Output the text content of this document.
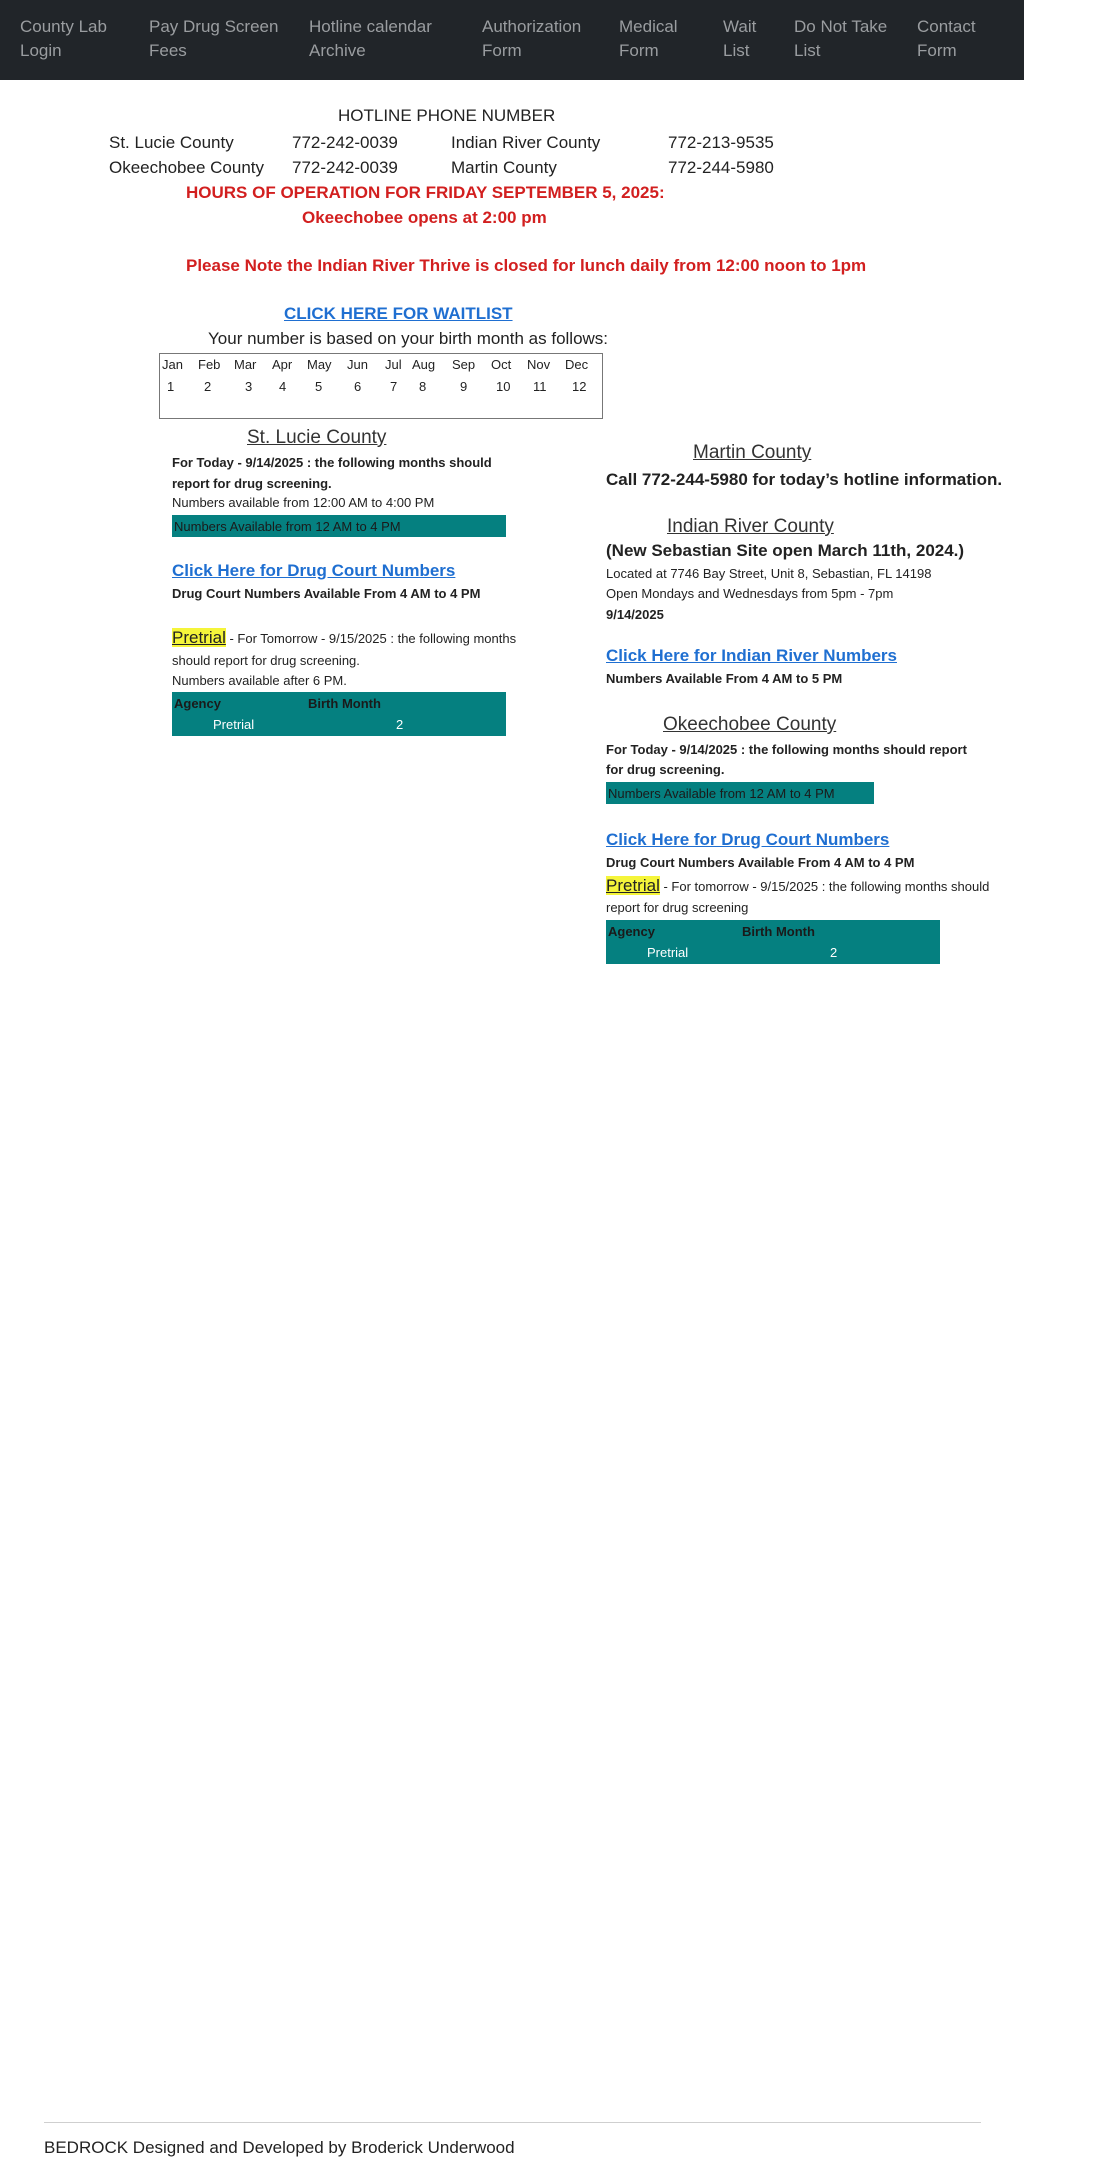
County Lab
Login
Pay Drug Screen
Fees
Hotline calendar
Archive
Authorization
Form
Medical
Form
Wait
List
Do Not Take
List
Contact
Form
HOTLINE PHONE NUMBER
St. Lucie County	772-242-0039	Indian River County	772-213-9535
Okeechobee County 772-242-0039	Martin County	772-244-5980
HOURS OF OPERATION FOR FRIDAY SEPTEMBER 5, 2025:
Okeechobee opens at 2:00 pm
Please Note the Indian River Thrive is closed for lunch daily from 12:00 noon to 1pm
CLICK HERE FOR WAITLIST
Your number is based on your birth month as follows:
Jan Feb Mar Apr May Jun Jul Aug Sep Oct Nov Dec
1 2	3 4 5 6 7 8	9 10 11 12
St. Lucie County
For Today - 9/14/2025 : the following months should
report for drug screening.
Numbers available from 12:00 AM to 4:00 PM
Numbers Available from 12 AM to 4 PM
Click Here for Drug Court Numbers
Drug Court Numbers Available From 4 AM to 4 PM
Pretrial - For Tomorrow - 9/15/2025 : the following months
should report for drug screening.
Numbers available after 6 PM.
Agency	Birth Month
Pretrial	2
Martin County
Call 772-244-5980 for today’s hotline information.
Indian River County
(New Sebastian Site open March 11th, 2024.)
Located at 7746 Bay Street, Unit 8, Sebastian, FL 14198
Open Mondays and Wednesdays from 5pm - 7pm
9/14/2025
Click Here for Indian River Numbers
Numbers Available From 4 AM to 5 PM
Okeechobee County
For Today - 9/14/2025 : the following months should report
for drug screening.
Numbers Available from 12 AM to 4 PM
Click Here for Drug Court Numbers
Drug Court Numbers Available From 4 AM to 4 PM
Pretrial - For tomorrow - 9/15/2025 : the following months should
report for drug screening
Agency	Birth Month
Pretrial	2
BEDROCK Designed and Developed by Broderick Underwood
